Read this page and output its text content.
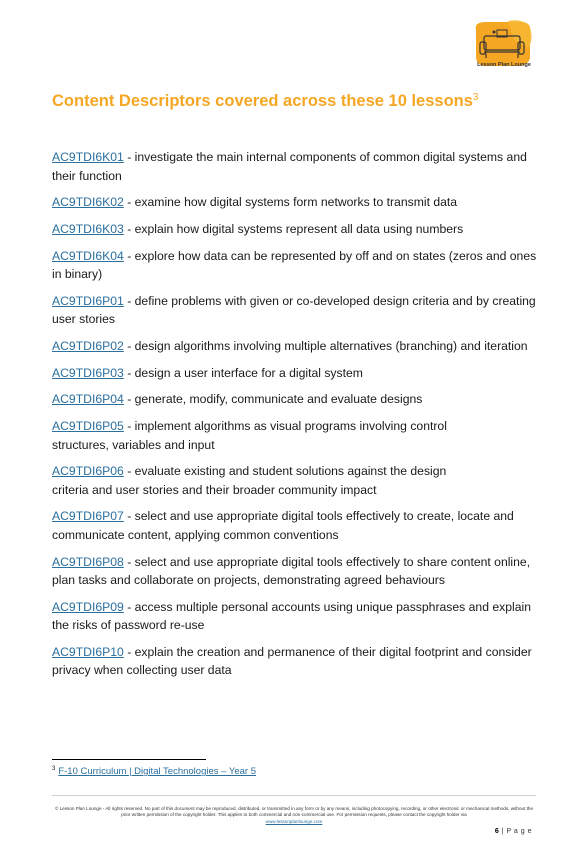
Lesson Plan Lounge
Content Descriptors covered across these 10 lessons$^3$

AC9TDI6K01 - investigate the main internal components of common digital systems and their function

AC9TDI6K02 - examine how digital systems form networks to transmit data

AC9TDI6K03 - explain how digital systems represent all data using numbers

AC9TDI6K04 - explore how data can be represented by off and on states (zeros and ones in binary)

AC9TDI6P01 - define problems with given or co-developed design criteria and by creating user stories

AC9TDI6P02 - design algorithms involving multiple alternatives (branching) and iteration

AC9TDI6P03 - design a user interface for a digital system

AC9TDI6P04 - generate, modify, communicate and evaluate designs

AC9TDI6P05 - implement algorithms as visual programs involving control
structures, variables and input

AC9TDI6P06 - evaluate existing and student solutions against the design
criteria and user stories and their broader community impact

AC9TDI6P07 - select and use appropriate digital tools effectively to create, locate and communicate content, applying common conventions

AC9TDI6P08 - select and use appropriate digital tools effectively to share content online, plan tasks and collaborate on projects, demonstrating agreed behaviours

AC9TDI6P09 - access multiple personal accounts using unique passphrases and explain the risks of password re-use

AC9TDI6P10 - explain the creation and permanence of their digital footprint and consider privacy when collecting user data

$^3$ F-10 Curriculum | Digital Technologies – Year 5
© Lesson Plan Lounge - All rights reserved. No part of this document may be reproduced, distributed, or transmitted in any form or by any means, including photocopying, recording, or other electronic or mechanical methods, without the prior written permission of the copyright holder. This applies to both commercial and non-commercial use. For permission requests, please contact the copyright holder via
www.lessonplanlounge.com
6 | P a g e
